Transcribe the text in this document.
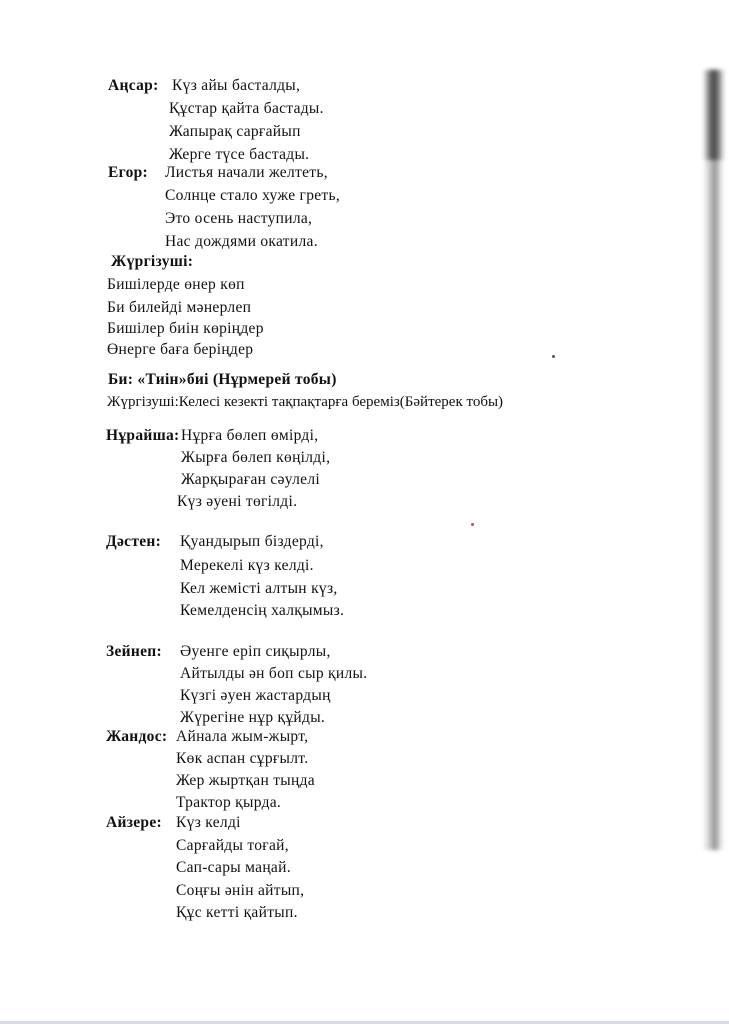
Аңсар: Күз айы басталды,
Құстар қайта бастады.
Жапырақ сарғайып
Жерге түсе бастады.
Егор: Листья начали желтеть,
Солнце стало хуже греть,
Это осень наступила,
Нас дождями окатила.
Жүргізуші:
Бишілерде өнер көп
Би билейді мәнерлеп
Бишілер биін көріңдер
Өнерге баға беріңдер
Би: «Тиін»биі (Нұрмерей тобы)
Жүргізуші:Келесі кезекті тақпақтарға береміз(Бәйтерек тобы)
Нұрайша: Нұрға бөлеп өмірді,
Жырға бөлеп көңілді,
Жарқыраған сәулелі
Күз әуені төгілді.
Дәстен: Қуандырып біздерді,
Мерекелі күз келді.
Кел жемісті алтын күз,
Кемелденсің халқымыз.
Зейнеп: Әуенге еріп сиқырлы,
Айтылды ән боп сыр қилы.
Күзгі әуен жастардың
Жүрегіне нұр құйды.
Жандос: Айнала жым-жырт,
Көк аспан сұрғылт.
Жер жыртқан тыңда
Трактор қырда.
Айзере: Күз келді
Сарғайды тоғай,
Сап-сары маңай.
Соңғы әнін айтып,
Құс кетті қайтып.
